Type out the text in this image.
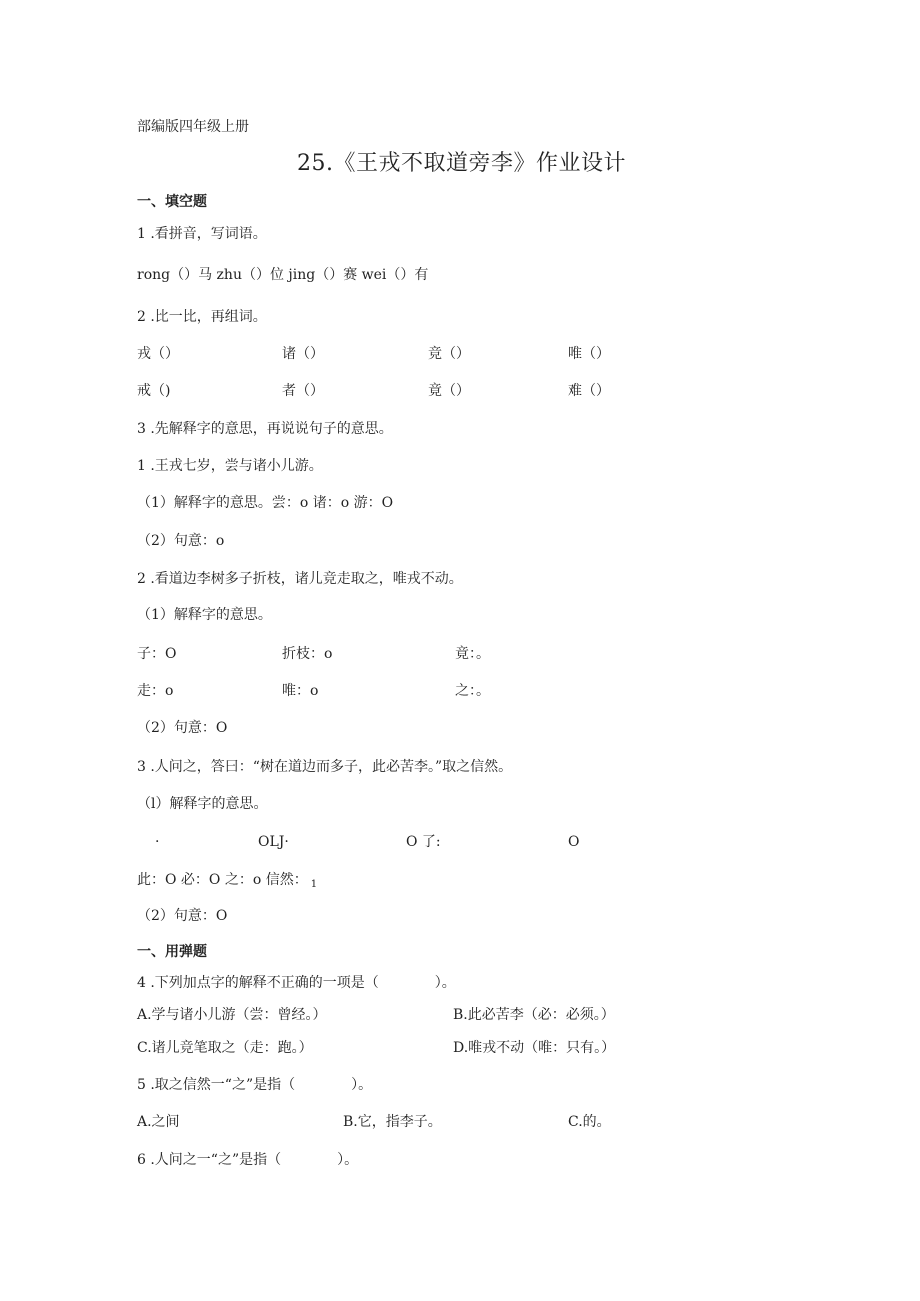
部编版四年级上册
25.《王戎不取道旁李》作业设计
一、填空题
1 .看拼音，写词语。
rong（）马 zhu（）位 jing（）赛 wei（）有
2 .比一比，再组词。
戎（）	诸（）	竞（）	唯（）
戒（)	者（）	竟（）	难（）
3 .先解释字的意思，再说说句子的意思。
1 .王戎七岁，尝与诸小儿游。
（1）解释字的意思。尝：o 诸：o 游：O
（2）句意：o
2 .看道边李树多子折枝，诸儿竞走取之，唯戎不动。
（1）解释字的意思。
子：O	折枝：o	竟：。
走：o	唯：o	之：。
（2）句意：O
3 .人问之，答曰：“树在道边而多子，此必苦李。”取之信然。
（l）解释字的意思。
·	OLJ·	O 了:	O
此：O 必：O 之：o 信然： $_1$
（2）句意：O
一、用弹题
4 .下列加点字的解释不正确的一项是（　　　　）。
A.学与诸小儿游（尝：曾经。）	B.此必苦李（必：必须。）
C.诸儿竞笔取之（走：跑。）	D.唯戎不动（唯：只有。）
5 .取之信然一“之”是指（　　　　）。
A.之间	B.它，指李子。	C.的。
6 .人问之一“之”是指（　　　　）。
